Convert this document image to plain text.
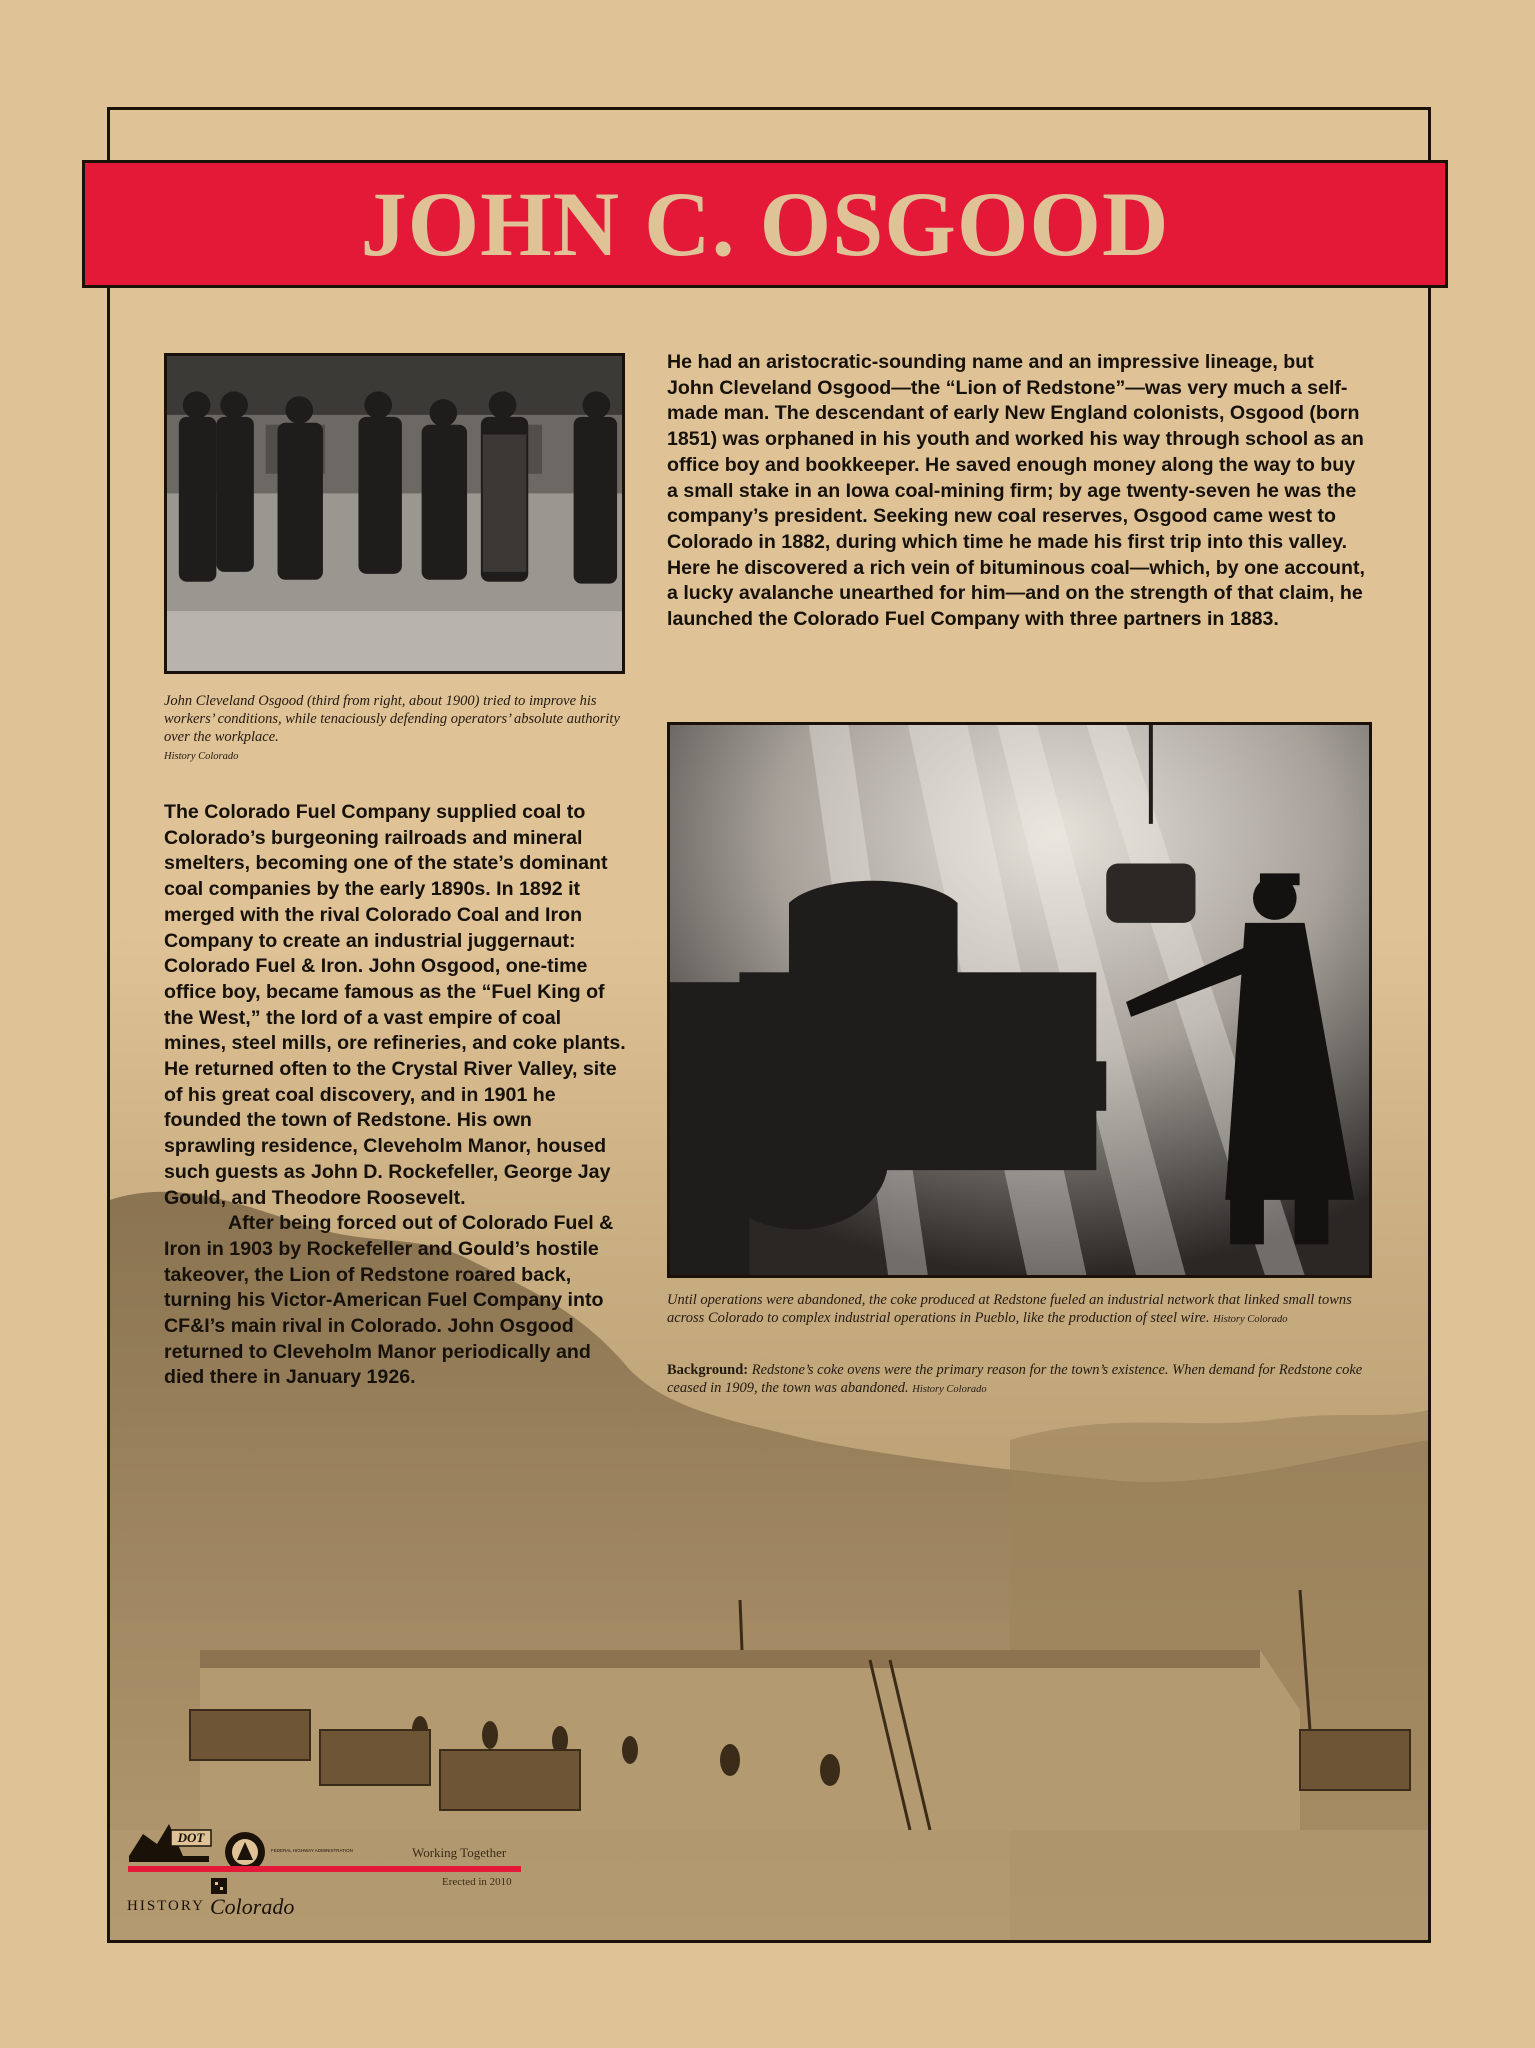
JOHN C. OSGOOD
John Cleveland Osgood (third from right, about 1900) tried to improve his workers’ conditions, while tenaciously defending operators’ absolute authority over the workplace.
History Colorado
He had an aristocratic-sounding name and an impressive lineage, but John Cleveland Osgood—the “Lion of Redstone”—was very much a self-made man. The descendant of early New England colonists, Osgood (born 1851) was orphaned in his youth and worked his way through school as an office boy and bookkeeper. He saved enough money along the way to buy a small stake in an Iowa coal-mining firm; by age twenty-seven he was the company’s president. Seeking new coal reserves, Osgood came west to Colorado in 1882, during which time he made his first trip into this valley. Here he discovered a rich vein of bituminous coal—which, by one account, a lucky avalanche unearthed for him—and on the strength of that claim, he launched the Colorado Fuel Company with three partners in 1883.
The Colorado Fuel Company supplied coal to Colorado’s burgeoning railroads and mineral smelters, becoming one of the state’s dominant coal companies by the early 1890s. In 1892 it merged with the rival Colorado Coal and Iron Company to create an industrial juggernaut: Colorado Fuel & Iron. John Osgood, one-time office boy, became famous as the “Fuel King of the West,” the lord of a vast empire of coal mines, steel mills, ore refineries, and coke plants. He returned often to the Crystal River Valley, site of his great coal discovery, and in 1901 he founded the town of Redstone. His own sprawling residence, Cleveholm Manor, housed such guests as John D. Rockefeller, George Jay Gould, and Theodore Roosevelt.
After being forced out of Colorado Fuel & Iron in 1903 by Rockefeller and Gould’s hostile takeover, the Lion of Redstone roared back, turning his Victor-American Fuel Company into CF&I’s main rival in Colorado. John Osgood returned to Cleveholm Manor periodically and died there in January 1926.
Until operations were abandoned, the coke produced at Redstone fueled an industrial network that linked small towns across Colorado to complex industrial operations in Pueblo, like the production of steel wire. History Colorado
Background: Redstone’s coke ovens were the primary reason for the town’s existence. When demand for Redstone coke ceased in 1909, the town was abandoned. History Colorado
DOT
FEDERAL HIGHWAY ADMINISTRATION	Working Together
Erected in 2010
HISTORY Colorado
